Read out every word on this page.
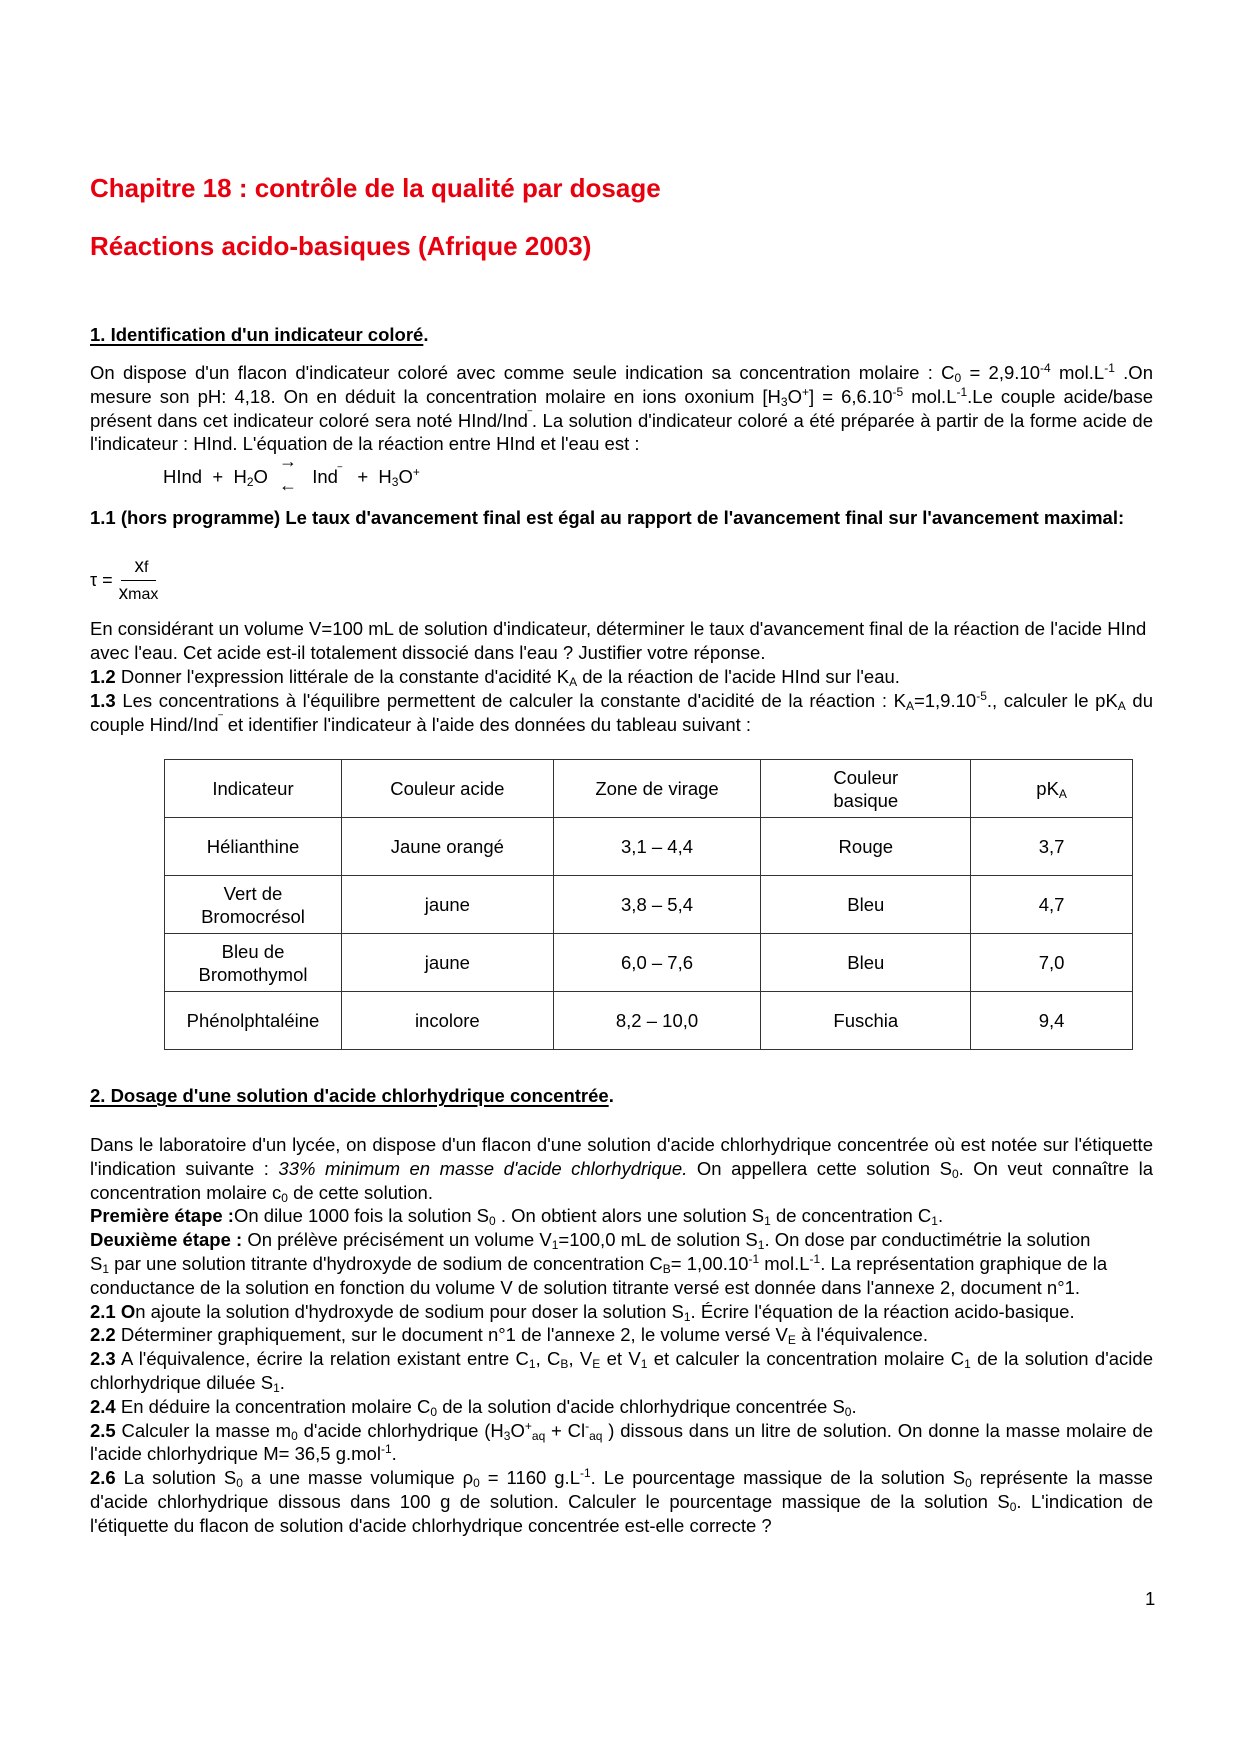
Chapitre 18 : contrôle de la qualité par dosage
Réactions acido-basiques (Afrique 2003)
1. Identification d'un indicateur coloré.

On dispose d'un flacon d'indicateur coloré avec comme seule indication sa concentration molaire : $C_0 = 2,9.10^{-4}$ $mol.L^{-1}$ .On mesure son pH: 4,18. On en déduit la concentration molaire en ions oxonium $[H_3O^+] = 6,6.10^{-5}$ $mol.L^{-1}.Le$ couple acide/base présent dans cet indicateur coloré sera noté HInd/Ind‾. La solution d'indicateur coloré a été préparée à partir de la forme acide de l'indicateur : HInd. L'équation de la réaction entre HInd et l'eau est :

HInd + $H_2O$
→
← $Ind^‾ + H_3O^+$

1.1 (hors programme) Le taux d'avancement final est égal au rapport de l'avancement final sur l'avancement maximal:

$\tau = \frac{xf}{xmax}$

En considérant un volume V=100 mL de solution d'indicateur, déterminer le taux d'avancement final de la réaction de l'acide HInd avec l'eau. Cet acide est-il totalement dissocié dans l'eau ? Justifier votre réponse.

1.2 Donner l'expression littérale de la constante d'acidité $K_A$ de la réaction de l'acide HInd sur l'eau.

1.3 Les concentrations à l'équilibre permettent de calculer la constante d'acidité de la réaction : $K_A=1,9.10^{-5}$., calculer le $pK_A$ du couple Hind/Ind‾ et identifier l'indicateur à l'aide des données du tableau suivant :

Indicateur	Couleur acide	Zone de virage	Couleur basique	$pK_A$
Hélianthine	Jaune orangé	3,1 – 4,4	Rouge	3,7
Vert de Bromocrésol	jaune	3,8 – 5,4	Bleu	4,7
Bleu de Bromothymol	jaune	6,0 – 7,6	Bleu	7,0
Phénolphtaléine	incolore	8,2 – 10,0	Fuschia	9,4
2. Dosage d'une solution d'acide chlorhydrique concentrée.
Dans le laboratoire d'un lycée, on dispose d'un flacon d'une solution d'acide chlorhydrique concentrée où est notée sur l'étiquette l'indication suivante : 33% minimum en masse d'acide chlorhydrique. On appellera cette solution $S_0$. On veut connaître la concentration molaire $c_0$ de cette solution.
Première étape :On dilue 1000 fois la solution $S_0$ . On obtient alors une solution $S_1$ de concentration $C_1$.
Deuxième étape : On prélève précisément un volume $V_1=100,0$ mL de solution $S_1$. On dose par conductimétrie la solution $S_1$ par une solution titrante d'hydroxyde de sodium de concentration $C_B= 1,00.10^{-1}$ $mol.L^{-1}$. La représentation graphique de la conductance de la solution en fonction du volume V de solution titrante versé est donnée dans l'annexe 2, document n°1.
2.1 On ajoute la solution d'hydroxyde de sodium pour doser la solution $S_1$. Écrire l'équation de la réaction acido-basique.
2.2 Déterminer graphiquement, sur le document n°1 de l'annexe 2, le volume versé $V_E$ à l'équivalence.
2.3 A l'équivalence, écrire la relation existant entre $C_1$, $C_B$, $V_E$ et $V_1$ et calculer la concentration molaire $C_1$ de la solution d'acide chlorhydrique diluée $S_1$.
2.4 En déduire la concentration molaire $C_0$ de la solution d'acide chlorhydrique concentrée $S_0$.
2.5 Calculer la masse $m_0$ d'acide chlorhydrique ($H_3O^+_{aq} + Cl^-_{aq}$ ) dissous dans un litre de solution. On donne la masse molaire de l'acide chlorhydrique M= 36,5 g.mol$^{-1}$.
2.6 La solution $S_0$ a une masse volumique $\rho_0 = 1160$ $g.L^{-1}$. Le pourcentage massique de la solution $S_0$ représente la masse d'acide chlorhydrique dissous dans 100 g de solution. Calculer le pourcentage massique de la solution $S_0$. L'indication de l'étiquette du flacon de solution d'acide chlorhydrique concentrée est-elle correcte ?
1
